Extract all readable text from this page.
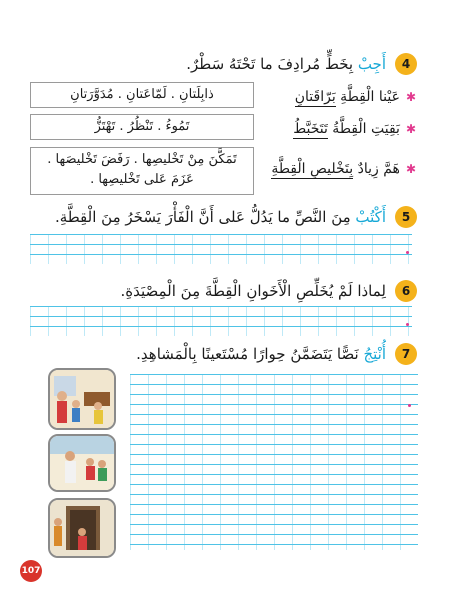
4
أَجِبْ بِخَطٍّ مُرادِفَ ما تَحْتَهُ سَطْرٌ.
ذابِلَتانِ . لَمّاعَتانِ . مُدَوَّرَتانِ	✱عَيْنا الْقِطَّةِ بَرّاقَتانِ
تَمُوءُ . تَنْظُرُ . تَهْتَزُّ	✱بَقِيَتِ الْقِطَّةُ تَتَخَبَّطُ
تَمَكَّنَ مِنْ تَخْليصِها . رَفَضَ تَخْليصَها .
عَزَمَ عَلى تَخْليصِها .
✱هَمَّ زِيادٌ بِتَخْليصِ الْقِطَّةِ
5
أَكْتُبْ مِنَ النَّصِّ ما يَدُلُّ عَلى أَنَّ الْفَأْرَ يَسْخَرُ مِنَ الْقِطَّةِ.
6
لِماذا لَمْ يُخَلِّصِ الْأَخَوانِ الْقِطَّةَ مِنَ الْمِصْيَدَةِ.
7
أُنْتِجُ نَصًّا يَتَضَمَّنُ حِوارًا مُسْتَعينًا بِالْمَشاهِدِ.
107
